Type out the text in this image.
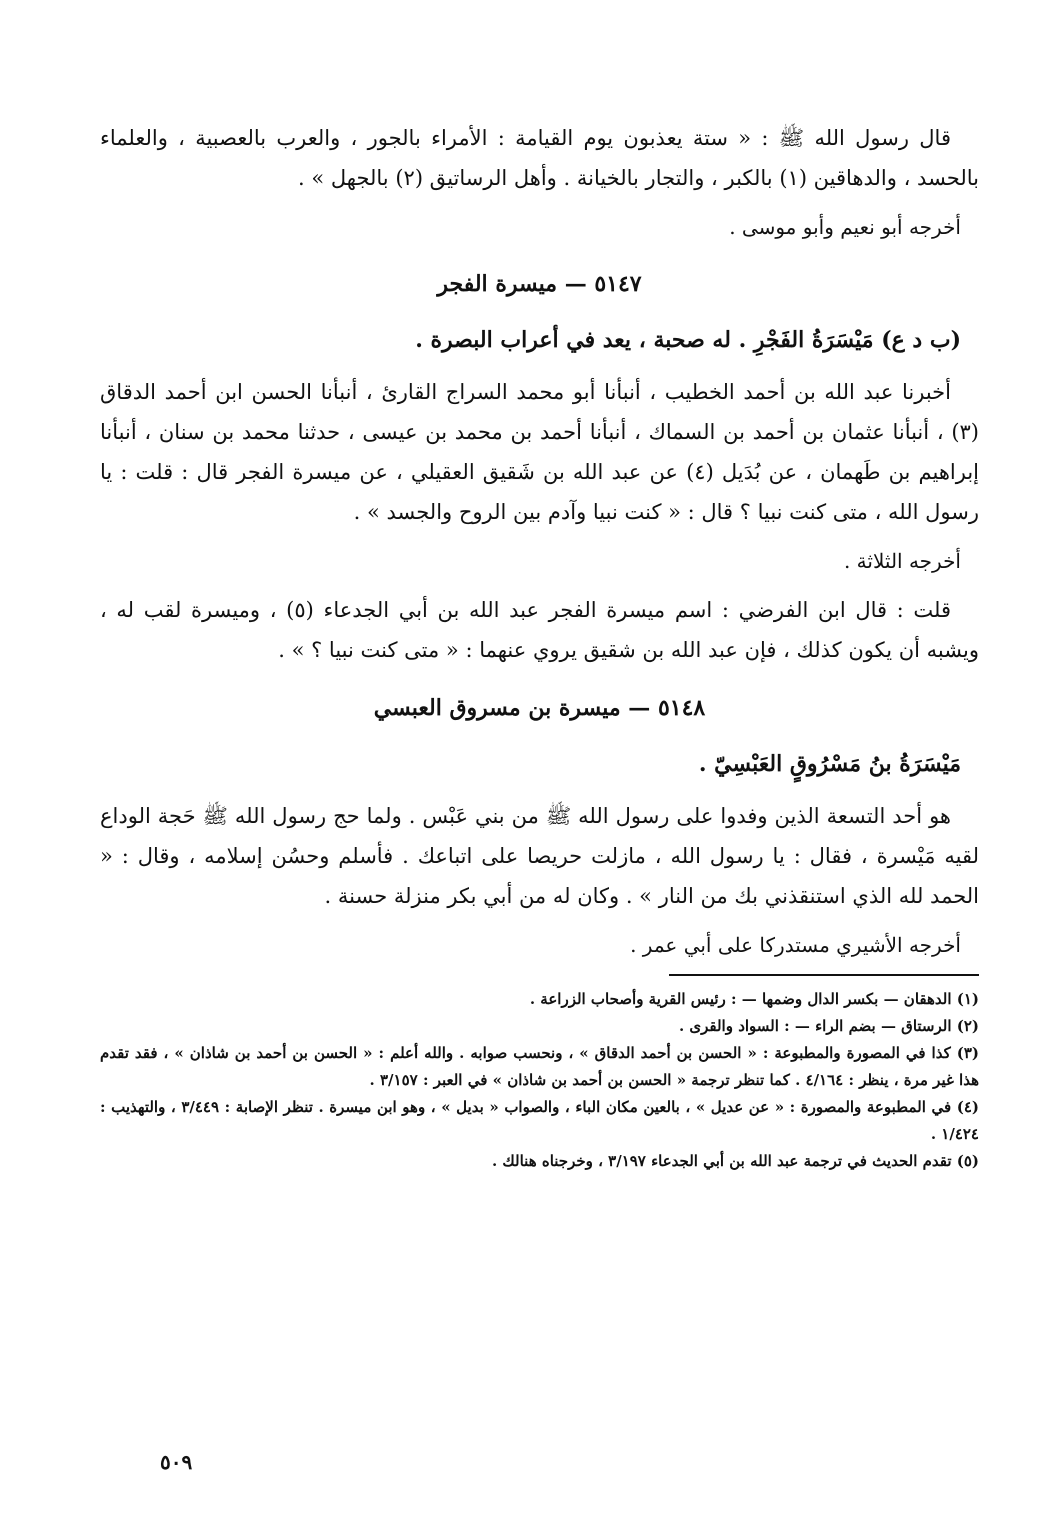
قال رسول الله ﷺ : « ستة يعذبون يوم القيامة : الأمراء بالجور ، والعرب بالعصبية ، والعلماء بالحسد ، والدهاقين (١) بالكبر ، والتجار بالخيانة . وأهل الرساتيق (٢) بالجهل » .

أخرجه أبو نعيم وأبو موسى .

٥١٤٧ — ميسرة الفجر

(ب د ع) مَيْسَرَةُ الفَجْرِ . له صحبة ، يعد في أعراب البصرة .

أخبرنا عبد الله بن أحمد الخطيب ، أنبأنا أبو محمد السراج القارئ ، أنبأنا الحسن ابن أحمد الدقاق (٣) ، أنبأنا عثمان بن أحمد بن السماك ، أنبأنا أحمد بن محمد بن عيسى ، حدثنا محمد بن سنان ، أنبأنا إبراهيم بن طَهمان ، عن بُدَيل (٤) عن عبد الله بن شَقيق العقيلي ، عن ميسرة الفجر قال : قلت : يا رسول الله ، متى كنت نبيا ؟ قال : « كنت نبيا وآدم بين الروح والجسد » .

أخرجه الثلاثة .

قلت : قال ابن الفرضي : اسم ميسرة الفجر عبد الله بن أبي الجدعاء (٥) ، وميسرة لقب له ، ويشبه أن يكون كذلك ، فإن عبد الله بن شقيق يروي عنهما : « متى كنت نبيا ؟ » .

٥١٤٨ — ميسرة بن مسروق العبسي

مَيْسَرَةُ بنُ مَسْرُوقٍ العَبْسِيّ .

هو أحد التسعة الذين وفدوا على رسول الله ﷺ من بني عَبْس . ولما حج رسول الله ﷺ حَجة الوداع لقيه مَيْسرة ، فقال : يا رسول الله ، مازلت حريصا على اتباعك . فأسلم وحسُن إسلامه ، وقال : « الحمد لله الذي استنقذني بك من النار » . وكان له من أبي بكر منزلة حسنة .

أخرجه الأشيري مستدركا على أبي عمر .

(١) الدهقان — بكسر الدال وضمها — : رئيس القرية وأصحاب الزراعة .

(٢) الرستاق — بضم الراء — : السواد والقرى .

(٣) كذا في المصورة والمطبوعة : « الحسن بن أحمد الدقاق » ، ونحسب صوابه . والله أعلم : « الحسن بن أحمد بن شاذان » ، فقد تقدم هذا غير مرة ، ينظر : ٤/١٦٤ . كما تنظر ترجمة « الحسن بن أحمد بن شاذان » في العبر : ٣/١٥٧ .

(٤) في المطبوعة والمصورة : « عن عديل » ، بالعين مكان الباء ، والصواب « بديل » ، وهو ابن ميسرة . تنظر الإصابة : ٣/٤٤٩ ، والتهذيب : ١/٤٢٤ .

(٥) تقدم الحديث في ترجمة عبد الله بن أبي الجدعاء ٣/١٩٧ ، وخرجناه هنالك .

٥٠٩
